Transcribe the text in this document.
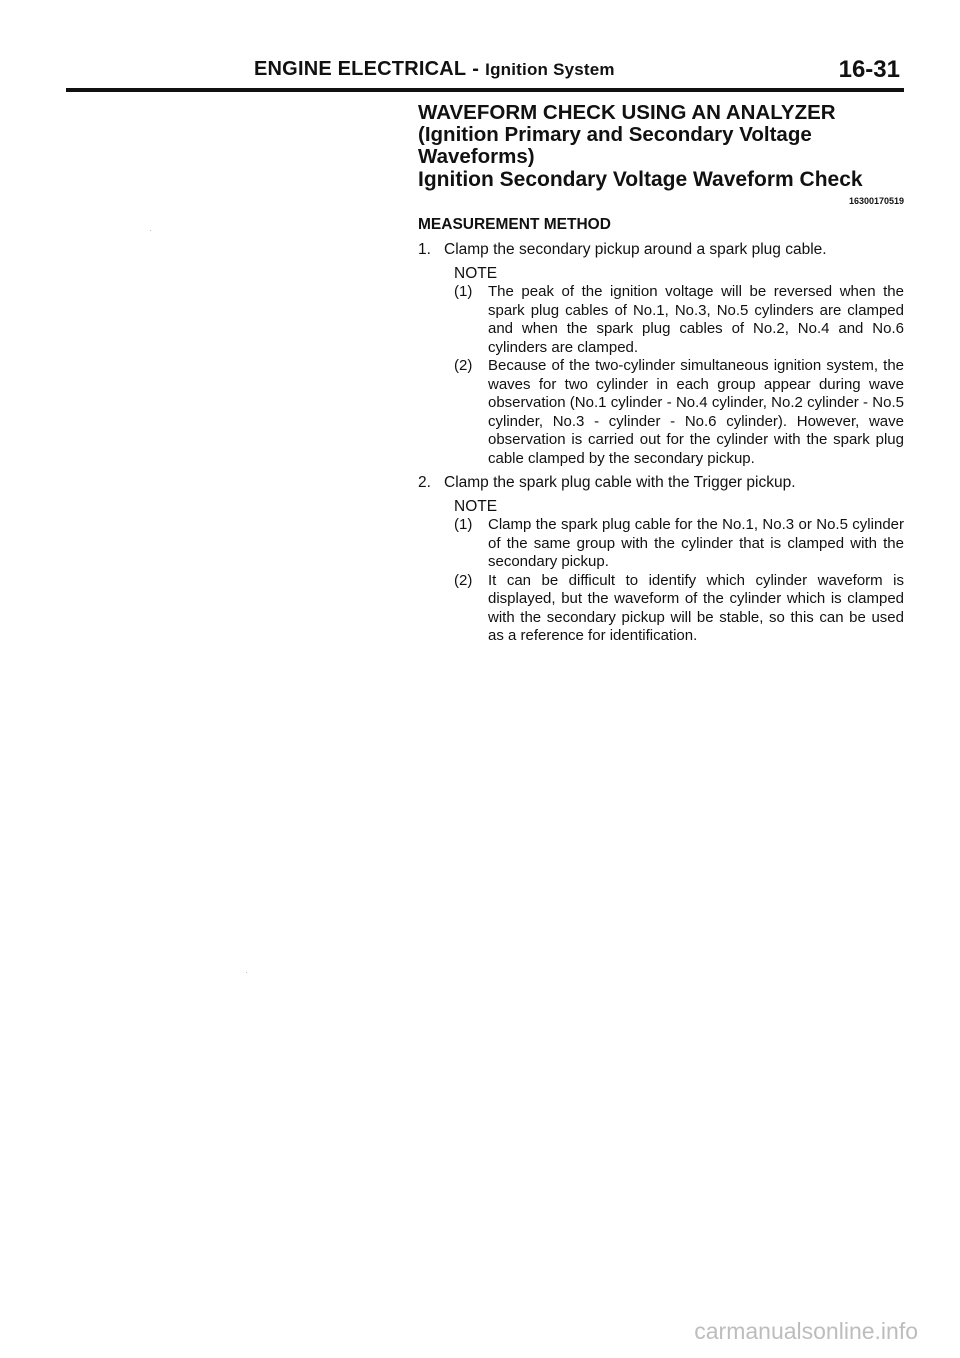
ENGINE ELECTRICAL - Ignition System	16-31

WAVEFORM CHECK USING AN ANALYZER (Ignition Primary and Secondary Voltage Waveforms)

Ignition Secondary Voltage Waveform Check

16300170519
MEASUREMENT METHOD
1. Clamp the secondary pickup around a spark plug cable.
NOTE
(1)	The peak of the ignition voltage will be reversed when the spark plug cables of No.1, No.3, No.5 cylinders are clamped and when the spark plug cables of No.2, No.4 and No.6 cylinders are clamped.
(2)	Because of the two-cylinder simultaneous ignition system, the waves for two cylinder in each group appear during wave observation (No.1 cylinder - No.4 cylinder, No.2 cylinder - No.5 cylinder, No.3 - cylinder - No.6 cylinder). However, wave observation is carried out for the cylinder with the spark plug cable clamped by the secondary pickup.
2. Clamp the spark plug cable with the Trigger pickup.
NOTE
(1)	Clamp the spark plug cable for the No.1, No.3 or No.5 cylinder of the same group with the cylinder that is clamped with the secondary pickup.
(2)	It can be difficult to identify which cylinder waveform is displayed, but the waveform of the cylinder which is clamped with the secondary pickup will be stable, so this can be used as a reference for identification.
carmanualsonline.info
